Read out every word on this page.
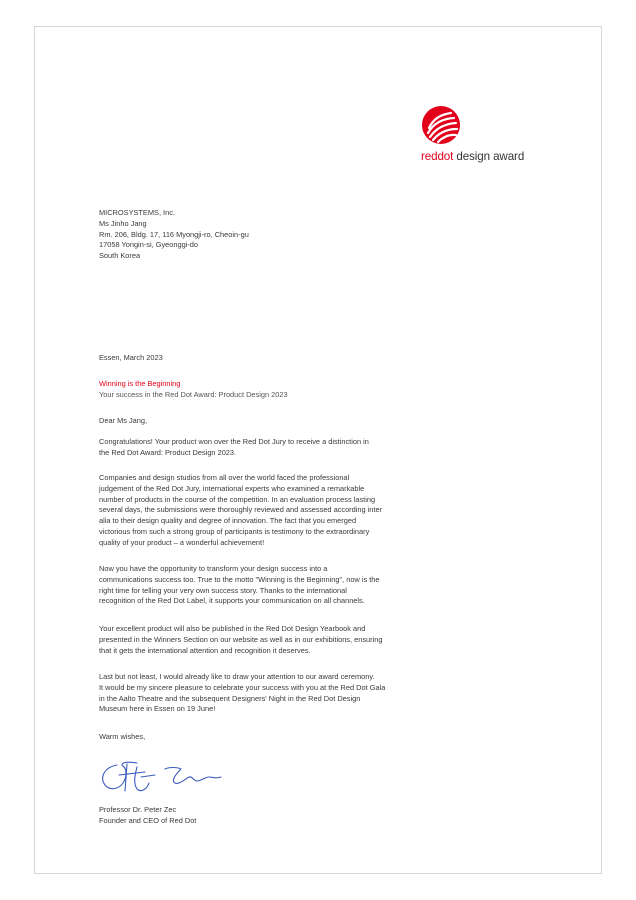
reddot design award
MICROSYSTEMS, Inc.
Ms Jinho Jang
Rm. 206, Bldg. 17, 116 Myongji-ro, Cheoin-gu
17058 Yongin-si, Gyeonggi-do
South Korea
Essen, March 2023
Winning is the Beginning
Your success in the Red Dot Award: Product Design 2023
Dear Ms Jang,

Congratulations! Your product won over the Red Dot Jury to receive a distinction in

the Red Dot Award: Product Design 2023.

Companies and design studios from all over the world faced the professional

judgement of the Red Dot Jury, international experts who examined a remarkable

number of products in the course of the competition. In an evaluation process lasting

several days, the submissions were thoroughly reviewed and assessed according inter

alia to their design quality and degree of innovation. The fact that you emerged

victorious from such a strong group of participants is testimony to the extraordinary

quality of your product – a wonderful achievement!

Now you have the opportunity to transform your design success into a

communications success too. True to the motto "Winning is the Beginning", now is the

right time for telling your very own success story. Thanks to the international

recognition of the Red Dot Label, it supports your communication on all channels.

Your excellent product will also be published in the Red Dot Design Yearbook and

presented in the Winners Section on our website as well as in our exhibitions, ensuring

that it gets the international attention and recognition it deserves.

Last but not least, I would already like to draw your attention to our award ceremony.

It would be my sincere pleasure to celebrate your success with you at the Red Dot Gala

in the Aalto Theatre and the subsequent Designers' Night in the Red Dot Design

Museum here in Essen on 19 June!

Warm wishes,
Professor Dr. Peter Zec
Founder and CEO of Red Dot
